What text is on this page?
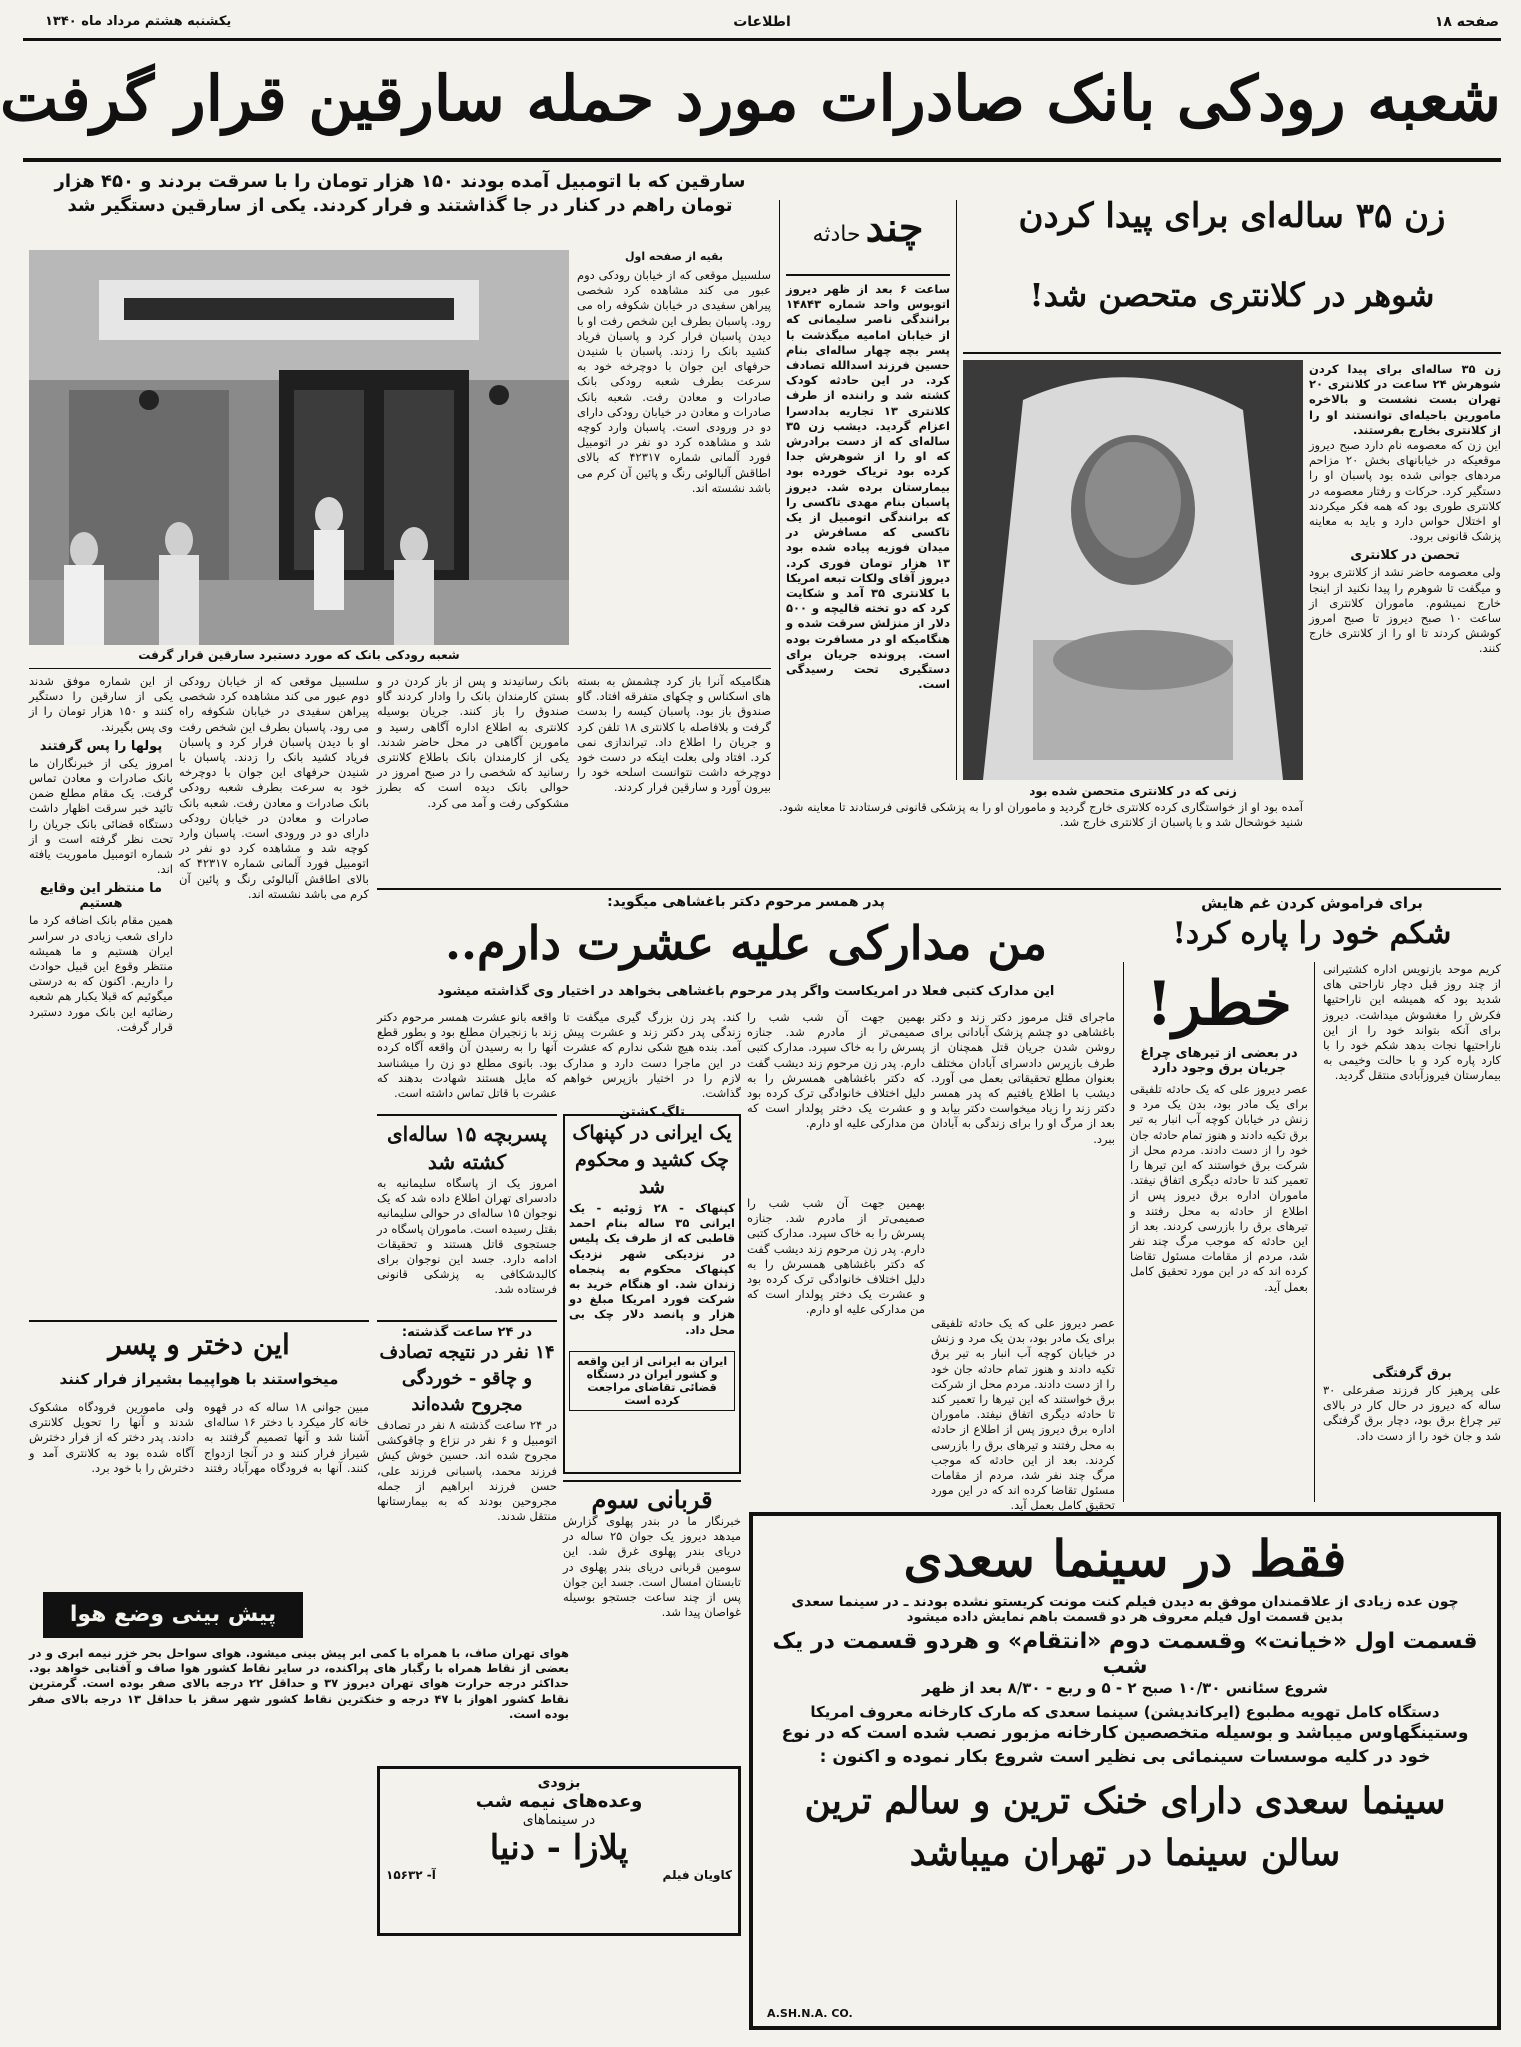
صفحه ۱۸
اطلاعات
یکشنبه هشتم مرداد ماه ۱۳۴۰
شعبه رودکی بانک صادرات مورد حمله سارقین قرار گرفت
سارقین که با اتومبیل آمده بودند ۱۵۰ هزار تومان را با سرقت بردند و ۴۵۰ هزار تومان راهم در کنار در جا گذاشتند و فرار کردند. یکی از سارقین دستگیر شد
شعبه رودکی بانک که مورد دستبرد سارقین قرار گرفت
بقیه از صفحه اول
سلسبیل موقعی که از خیابان رودکی دوم عبور می کند مشاهده کرد شخصی پیراهن سفیدی در خیابان شکوفه راه می رود. پاسبان بطرف این شخص رفت او با دیدن پاسبان فرار کرد و پاسبان فریاد کشید بانک را زدند. پاسبان با شنیدن حرفهای این جوان با دوچرخه خود به سرعت بطرف شعبه رودکی بانک صادرات و معادن رفت. شعبه بانک صادرات و معادن در خیابان رودکی دارای دو در ورودی است. پاسبان وارد کوچه شد و مشاهده کرد دو نفر در اتومبیل فورد آلمانی شماره ۴۲۳۱۷ که بالای اطاقش آلبالوئی رنگ و پائین آن کرم می باشد نشسته اند.
هنگامیکه آنرا باز کرد چشمش به بسته های اسکناس و چکهای متفرقه افتاد. گاو صندوق باز بود. پاسبان کیسه را بدست گرفت و بلافاصله با کلانتری ۱۸ تلفن کرد و جریان را اطلاع داد. تیراندازی نمی کرد. افتاد ولی بعلت اینکه در دست خود دوچرخه داشت نتوانست اسلحه خود را بیرون آورد و سارقین فرار کردند.
بانک رسانیدند و پس از باز کردن در و بستن کارمندان بانک را وادار کردند گاو صندوق را باز کنند. جریان بوسیله کلانتری به اطلاع اداره آگاهی رسید و مامورین آگاهی در محل حاضر شدند. یکی از کارمندان بانک باطلاع کلانتری رسانید که شخصی را در صبح امروز در حوالی بانک دیده است که بطرز مشکوکی رفت و آمد می کرد.
سلسبیل موقعی که از خیابان رودکی دوم عبور می کند مشاهده کرد شخصی پیراهن سفیدی در خیابان شکوفه راه می رود. پاسبان بطرف این شخص رفت او با دیدن پاسبان فرار کرد و پاسبان فریاد کشید بانک را زدند. پاسبان با شنیدن حرفهای این جوان با دوچرخه خود به سرعت بطرف شعبه رودکی بانک صادرات و معادن رفت. شعبه بانک صادرات و معادن در خیابان رودکی دارای دو در ورودی است. پاسبان وارد کوچه شد و مشاهده کرد دو نفر در اتومبیل فورد آلمانی شماره ۴۲۳۱۷ که بالای اطاقش آلبالوئی رنگ و پائین آن کرم می باشد نشسته اند.
از این شماره موفق شدند یکی از سارقین را دستگیر کنند و ۱۵۰ هزار تومان را از وی پس بگیرند.
پولها را پس گرفتند
امروز یکی از خبرنگاران ما بانک صادرات و معادن تماس گرفت. یک مقام مطلع ضمن تائید خبر سرقت اظهار داشت دستگاه قضائی بانک جریان را تحت نظر گرفته است و از شماره اتومبیل ماموریت یافته اند.
ما منتظر این وقایع هستیم
همین مقام بانک اضافه کرد ما دارای شعب زیادی در سراسر ایران هستیم و ما همیشه منتظر وقوع این قبیل حوادث را داریم. اکنون که به درستی میگوئیم که قبلا یکبار هم شعبه رضائیه این بانک مورد دستبرد قرار گرفت.
چند حادثه
ساعت ۶ بعد از ظهر دیروز اتوبوس واحد شماره ۱۴۸۴۳ برانندگی ناصر سلیمانی که از خیابان امامیه میگذشت با پسر بچه چهار ساله‌ای بنام حسین فرزند اسدالله تصادف کرد. در این حادثه کودک کشته شد و راننده از طرف کلانتری ۱۳ تجاریه بدادسرا اعزام گردید. دیشب زن ۳۵ ساله‌ای که از دست برادرش که او را از شوهرش جدا کرده بود تریاک خورده بود بیمارستان برده شد. دیروز پاسبان بنام مهدی تاکسی را که برانندگی اتومبیل از یک تاکسی که مسافرش در میدان فوزیه پیاده شده بود ۱۳ هزار تومان فوری کرد. دیروز آقای ولکات تبعه امریکا با کلانتری ۳۵ آمد و شکایت کرد که دو تخته قالیچه و ۵۰۰ دلار از منزلش سرقت شده و هنگامیکه او در مسافرت بوده است. پرونده جریان برای دستگیری تحت رسیدگی است.
زن ۳۵ ساله‌ای برای پیدا کردن
شوهر در کلانتری متحصن شد!
زنی که در کلانتری متحصن شده بود
زن ۳۵ ساله‌ای برای پیدا کردن شوهرش ۲۴ ساعت در کلانتری ۲۰ تهران بست نشست و بالاخره مامورین باحیله‌ای توانستند او را از کلانتری بخارج بفرستند.
این زن که معصومه نام دارد صبح دیروز موقعیکه در خیابانهای بخش ۲۰ مزاحم مردهای جوانی شده بود پاسبان او را دستگیر کرد. حرکات و رفتار معصومه در کلانتری طوری بود که همه فکر میکردند او اختلال حواس دارد و باید به معاینه پزشک قانونی برود.
تحصن در کلانتری
ولی معصومه حاضر نشد از کلانتری برود و میگفت تا شوهرم را پیدا نکنید از اینجا خارج نمیشوم. ماموران کلانتری از ساعت ۱۰ صبح دیروز تا صبح امروز کوشش کردند تا او را از کلانتری خارج کنند.
آمده بود او از خواستگاری کرده کلانتری خارج گردید و ماموران او را به پزشکی قانونی فرستادند تا معاینه شود. شنید خوشحال شد و با پاسبان از کلانتری خارج شد.
پدر همسر مرحوم دکتر باغشاهی میگوید:
من مدارکی علیه عشرت دارم..
این مدارک کتبی فعلا در امریکاست واگر پدر مرحوم باغشاهی بخواهد در اختیار وی گذاشته میشود
ماجرای قتل مرموز دکتر زند و دکتر باغشاهی دو چشم پزشک آبادانی برای روشن شدن جریان قتل همچنان از طرف بازپرس دادسرای آبادان مختلف بعنوان مطلع تحقیقاتی بعمل می آورد. دیشب با اطلاع یافتیم که پدر همسر دکتر زند را زیاد میخواست دکتر بیابد و بعد از مرگ او را برای زندگی به آبادان ببرد.
بهمین جهت آن شب شب را صمیمی‌تر از مادرم شد. جنازه پسرش را به خاک سپرد. مدارک کتبی دارم. پدر زن مرحوم زند دیشب گفت که دکتر باغشاهی همسرش را به دلیل اختلاف خانوادگی ترک کرده بود و عشرت یک دختر پولدار است که من مدارکی علیه او دارم.
کند. پدر زن بزرگ گیری میگفت تا زندگی پدر دکتر زند و عشرت پیش آمد. بنده هیچ شکی ندارم که عشرت در این ماجرا دست دارد و مدارک لازم را در اختیار بازپرس خواهم گذاشت.
تلگ کشتن
واقعه بانو عشرت همسر مرحوم دکتر زند با زنجیران مطلع بود و بطور قطع آنها را به رسیدن آن واقعه آگاه کرده بود. بانوی مطلع دو زن را میشناسد که مایل هستند شهادت بدهند که عشرت با قاتل تماس داشته است.
برای فراموش کردن غم هایش
شکم خود را پاره کرد!
کریم موحد بازنویس اداره کشتیرانی از چند روز قبل دچار ناراحتی های شدید بود که همیشه این ناراحتیها فکرش را مغشوش میداشت. دیروز برای آنکه بتواند خود را از این ناراحتیها نجات بدهد شکم خود را با کارد پاره کرد و با حالت وخیمی به بیمارستان فیروزآبادی منتقل گردید.
برق گرفتگی
علی پرهیز کار فرزند صفرعلی ۳۰ ساله که دیروز در حال کار در بالای تیر چراغ برق بود، دچار برق گرفتگی شد و جان خود را از دست داد.
خطر!
در بعضی از تیرهای چراغ جریان برق وجود دارد
عصر دیروز علی که یک حادثه تلفیقی برای یک مادر بود، بدن یک مرد و زنش در خیابان کوچه آب انبار به تیر برق تکیه دادند و هنوز تمام حادثه جان خود را از دست دادند. مردم محل از شرکت برق خواستند که این تیرها را تعمیر کند تا حادثه دیگری اتفاق نیفتد. ماموران اداره برق دیروز پس از اطلاع از حادثه به محل رفتند و تیرهای برق را بازرسی کردند. بعد از این حادثه که موجب مرگ چند نفر شد، مردم از مقامات مسئول تقاضا کرده اند که در این مورد تحقیق کامل بعمل آید.
پسربچه ۱۵ ساله‌ای کشته شد
امروز یک از پاسگاه سلیمانیه به دادسرای تهران اطلاع داده شد که یک نوجوان ۱۵ ساله‌ای در حوالی سلیمانیه بقتل رسیده است. ماموران پاسگاه در جستجوی قاتل هستند و تحقیقات ادامه دارد. جسد این نوجوان برای کالبدشکافی به پزشکی قانونی فرستاده شد.
یک ایرانی در کپنهاک چک کشید و محکوم شد
کپنهاک - ۲۸ ژوئیه - یک ایرانی ۳۵ ساله بنام احمد قاطبی که از طرف یک پلیس در نزدیکی شهر نزدیک کپنهاک محکوم به پنجماه زندان شد. او هنگام خرید به شرکت فورد امریکا مبلغ دو هزار و پانصد دلار چک بی محل داد.
ایران به ایرانی از این واقعه و کشور ایران در دستگاه قضائی تقاضای مراجعت کرده است
بهمین جهت آن شب شب را صمیمی‌تر از مادرم شد. جنازه پسرش را به خاک سپرد. مدارک کتبی دارم. پدر زن مرحوم زند دیشب گفت که دکتر باغشاهی همسرش را به دلیل اختلاف خانوادگی ترک کرده بود و عشرت یک دختر پولدار است که من مدارکی علیه او دارم.
عصر دیروز علی که یک حادثه تلفیقی برای یک مادر بود، بدن یک مرد و زنش در خیابان کوچه آب انبار به تیر برق تکیه دادند و هنوز تمام حادثه جان خود را از دست دادند. مردم محل از شرکت برق خواستند که این تیرها را تعمیر کند تا حادثه دیگری اتفاق نیفتد. ماموران اداره برق دیروز پس از اطلاع از حادثه به محل رفتند و تیرهای برق را بازرسی کردند. بعد از این حادثه که موجب مرگ چند نفر شد، مردم از مقامات مسئول تقاضا کرده اند که در این مورد تحقیق کامل بعمل آید.
در ۲۴ ساعت گذشته:
۱۴ نفر در نتیجه تصادف و چاقو - خوردگی مجروح شده‌اند
در ۲۴ ساعت گذشته ۸ نفر در تصادف اتومبیل و ۶ نفر در نزاع و چاقوکشی مجروح شده اند. حسین خوش کیش فرزند محمد، پاسبانی فرزند علی، حسن فرزند ابراهیم از جمله مجروحین بودند که به بیمارستانها منتقل شدند.
قربانی سوم
خبرنگار ما در بندر پهلوی گزارش میدهد دیروز یک جوان ۲۵ ساله در دریای بندر پهلوی غرق شد. این سومین قربانی دریای بندر پهلوی در تابستان امسال است. جسد این جوان پس از چند ساعت جستجو بوسیله غواصان پیدا شد.
این دختر و پسر
میخواستند با هواپیما بشیراز فرار کنند
مبین جوانی ۱۸ ساله که در قهوه خانه کار میکرد با دختر ۱۶ ساله‌ای آشنا شد و آنها تصمیم گرفتند به شیراز فرار کنند و در آنجا ازدواج کنند. آنها به فرودگاه مهرآباد رفتند ولی مامورین فرودگاه مشکوک شدند و آنها را تحویل کلانتری دادند. پدر دختر که از فرار دخترش آگاه شده بود به کلانتری آمد و دخترش را با خود برد.
پیش بینی وضع هوا
هوای تهران صاف، با همراه با کمی ابر پیش بینی میشود. هوای سواحل بحر خزر نیمه ابری و در بعضی از نقاط همراه با رگبار های پراکنده، در سایر نقاط کشور هوا صاف و آفتابی خواهد بود. حداکثر درجه حرارت هوای تهران دیروز ۳۷ و حداقل ۲۲ درجه بالای صفر بوده است. گرمترین نقاط کشور اهواز با ۴۷ درجه و خنکترین نقاط کشور شهر سقز با حداقل ۱۳ درجه بالای صفر بوده است.
بزودی
وعده‌های نیمه شب
در سینماهای
پلازا - دنیا
کاویان فیلم
آ- ۱۵۶۳۲
فقط در سینما سعدی
چون عده زیادی از علاقمندان موفق به دیدن فیلم کنت مونت کریستو نشده بودند ـ در سینما سعدی
بدین قسمت اول فیلم معروف هر دو قسمت باهم نمایش داده میشود
قسمت اول «خیانت» وقسمت دوم «انتقام» و هردو قسمت در یک شب
شروع سئانس ۱۰/۳۰ صبح ۲ - ۵ و ربع - ۸/۳۰ بعد از ظهر
دستگاه کامل تهویه مطبوع (ایرکاندیشن) سینما سعدی که مارک کارخانه معروف امریکا
وستینگهاوس میباشد و بوسیله متخصصین کارخانه مزبور نصب شده است که در نوع خود در کلیه موسسات سینمائی بی نظیر است شروع بکار نموده و اکنون :
سینما سعدی دارای خنک ترین و سالم ترین
سالن سینما در تهران میباشد
A.SH.N.A. CO.
